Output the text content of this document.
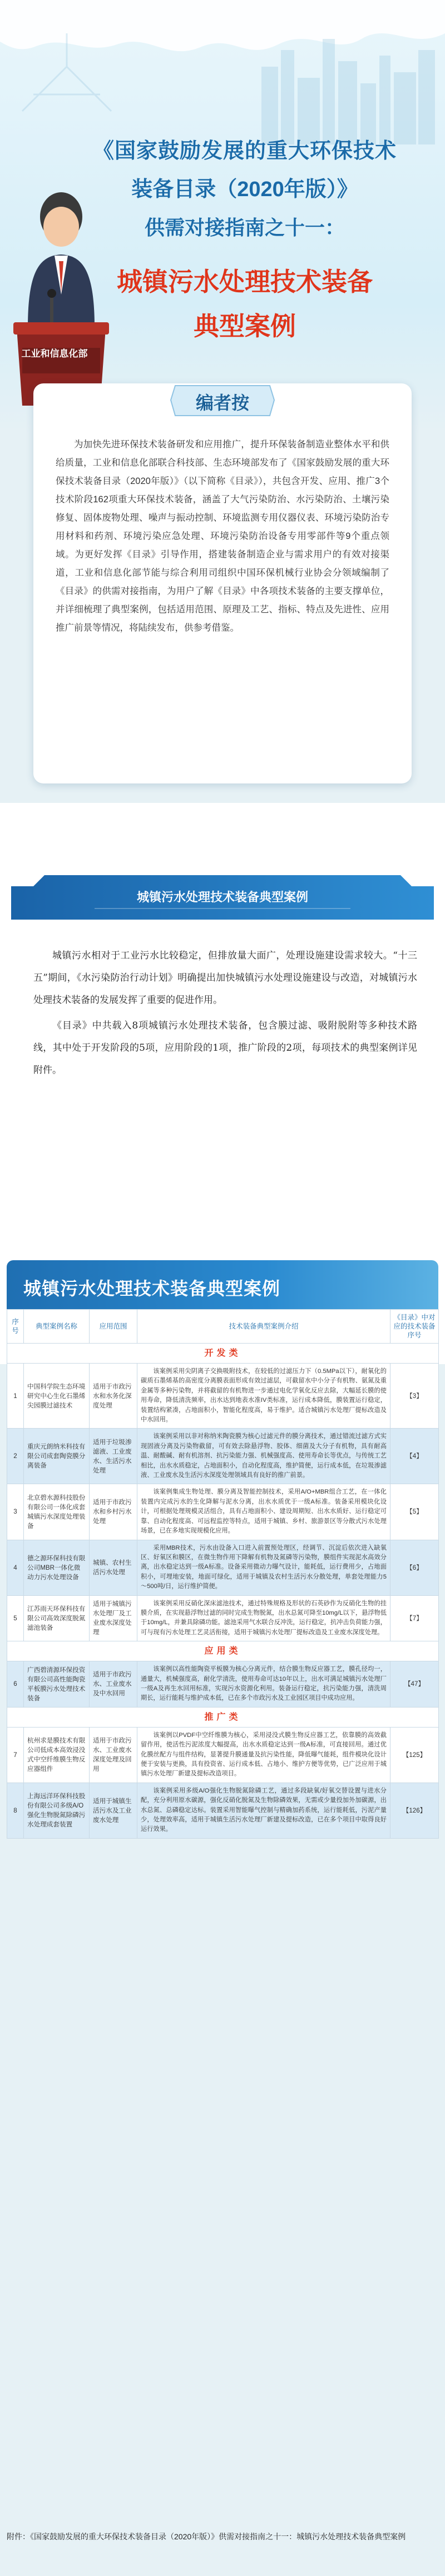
《国家鼓励发展的重大环保技术
装备目录（2020年版）》
供需对接指南之十一：
城镇污水处理技术装备
典型案例
工业和信息化部
编者按
为加快先进环保技术装备研发和应用推广，提升环保装备制造业整体水平和供给质量，工业和信息化部联合科技部、生态环境部发布了《国家鼓励发展的重大环保技术装备目录（2020年版）》（以下简称《目录》），共包含开发、应用、推广3个技术阶段162项重大环保技术装备，涵盖了大气污染防治、水污染防治、土壤污染修复、固体废物处理、噪声与振动控制、环境监测专用仪器仪表、环境污染防治专用材料和药剂、环境污染应急处理、环境污染防治设备专用零部件等9个重点领域。为更好发挥《目录》引导作用，搭建装备制造企业与需求用户的有效对接渠道，工业和信息化部节能与综合利用司组织中国环保机械行业协会分领域编制了《目录》的供需对接指南，为用户了解《目录》中各项技术装备的主要支撑单位，并详细梳理了典型案例，包括适用范围、原理及工艺、指标、特点及先进性、应用推广前景等情况，将陆续发布，供参考借鉴。
城镇污水处理技术装备典型案例

城镇污水相对于工业污水比较稳定，但排放量大面广，处理设施建设需求较大。“十三五”期间，《水污染防治行动计划》明确提出加快城镇污水处理设施建设与改造，对城镇污水处理技术装备的发展发挥了重要的促进作用。

《目录》中共载入8项城镇污水处理技术装备，包含膜过滤、吸附脱附等多种技术路线，其中处于开发阶段的5项，应用阶段的1项，推广阶段的2项，每项技术的典型案例详见附件。

城镇污水处理技术装备典型案例
序号	典型案例名称	应用范围	技术装备典型案例介绍	《目录》中对应的技术装备序号
开发类				
1	中国科学院生态环境研究中心生化石墨烯尖园膜过滤技术	适用于市政污水和水务化深度处理	该案例采用尖阴离子交换吸附技术，在较低的过滤压力下（0.5MPa以下），耐氧化的碳质石墨烯基的高密度分离膜表面形成有效过滤层，可截留水中小分子有机物、氨氮及重金属等多种污染物，并将截留的有机物进一步通过电化学氧化反应去除，大幅延长膜的使用寿命，降低清洗频率，出水达到地表水准IV类标准，运行成本降低，膜装置运行稳定，装置结构紧凑，占地面积小，智能化程度高，易于维护。适合城镇污水处理厂提标改造及中水回用。	【3】
2	重庆元朗纳米科技有限公司成套陶瓷膜分离装备	适用于垃圾渗滤液、工业废水、生活污水处理	该案例采用以非对称纳米陶瓷膜为核心过滤元件的膜分离技术，通过错流过滤方式实现固液分离及污染物截留，可有效去除悬浮物、胶体、细菌及大分子有机物，具有耐高温、耐酸碱、耐有机溶剂、抗污染能力强、机械强度高、使用寿命长等优点，与传统工艺相比，出水水质稳定，占地面积小，自动化程度高，维护简便，运行成本低，在垃圾渗滤液、工业废水及生活污水深度处理领域具有良好的推广前景。	【4】
3	北京碧水源科技股份有限公司一体化成套城镇污水深度处理装备	适用于市政污水和乡村污水处理	该案例集成生物处理、膜分离及智能控制技术，采用A/O+MBR组合工艺，在一体化装置内完成污水的生化降解与泥水分离，出水水质优于一级A标准。装备采用模块化设计，可根据处理规模灵活组合，具有占地面积小、建设周期短、出水水质好、运行稳定可靠、自动化程度高、可远程监控等特点，适用于城镇、乡村、旅游景区等分散式污水处理场景，已在多地实现规模化应用。	【5】
4	德之源环保科技有限公司MBR一体化微动力污水处理设备	城镇、农村生活污水处理	采用MBR技术，污水由设备入口进入前置预处理区，经调节、沉淀后依次进入缺氧区、好氧区和膜区，在微生物作用下降解有机物及氮磷等污染物，膜组件实现泥水高效分离，出水稳定达到一级A标准。设备采用微动力曝气设计，能耗低，运行费用少，占地面积小，可埋地安装，地面可绿化，适用于城镇及农村生活污水分散处理，单套处理能力5～500吨/日，运行维护简便。	【6】
5	江苏雨天环保科技有限公司高效深度脱氮滤池装备	适用于城镇污水处理厂及工业废水深度处理	该案例采用反硝化深床滤池技术，通过特殊规格及形状的石英砂作为反硝化生物的挂膜介质，在实现悬浮物过滤的同时完成生物脱氮，出水总氮可降至10mg/L以下，悬浮物低于10mg/L，并兼具除磷功能。滤池采用气水联合反冲洗，运行稳定，抗冲击负荷能力强，可与现有污水处理工艺灵活衔接，适用于城镇污水处理厂提标改造及工业废水深度处理。	【7】
应用类				
6	广西碧清源环保投资有限公司高性能陶瓷平板膜污水处理技术装备	适用于市政污水、工业废水及中水回用	该案例以高性能陶瓷平板膜为核心分离元件，结合膜生物反应器工艺，膜孔径均一，通量大，机械强度高，耐化学清洗，使用寿命可达10年以上，出水可满足城镇污水处理厂一级A及再生水回用标准，实现污水资源化利用。装备运行稳定，抗污染能力强，清洗周期长，运行能耗与维护成本低，已在多个市政污水及工业园区项目中成功应用。	【47】
推广类				
7	杭州求是膜技术有限公司低成本高效浸没式中空纤维膜生物反应器组件	适用于市政污水、工业废水深度处理及回用	该案例以PVDF中空纤维膜为核心，采用浸没式膜生物反应器工艺，依靠膜的高效截留作用，使活性污泥浓度大幅提高，出水水质稳定达到一级A标准，可直接回用。通过优化膜丝配方与组件结构，显著提升膜通量及抗污染性能，降低曝气能耗，组件模块化设计便于安装与更换，具有投资省、运行成本低、占地小、维护方便等优势，已广泛应用于城镇污水处理厂新建及提标改造项目。	【125】
8	上海远洋环保科技股份有限公司多级A/O强化生物脱氮除磷污水处理成套装置	适用于城镇生活污水及工业废水处理	该案例采用多级A/O强化生物脱氮除磷工艺，通过多段缺氧/好氧交替设置与进水分配，充分利用原水碳源，强化反硝化脱氮及生物除磷效果，无需或少量投加外加碳源，出水总氮、总磷稳定达标。装置采用智能曝气控制与精确加药系统，运行能耗低，污泥产量少，处理效率高，适用于城镇生活污水处理厂新建及提标改造，已在多个项目中取得良好运行效果。	【126】
附件：《国家鼓励发展的重大环保技术装备目录（2020年版）》供需对接指南之十一：城镇污水处理技术装备典型案例
